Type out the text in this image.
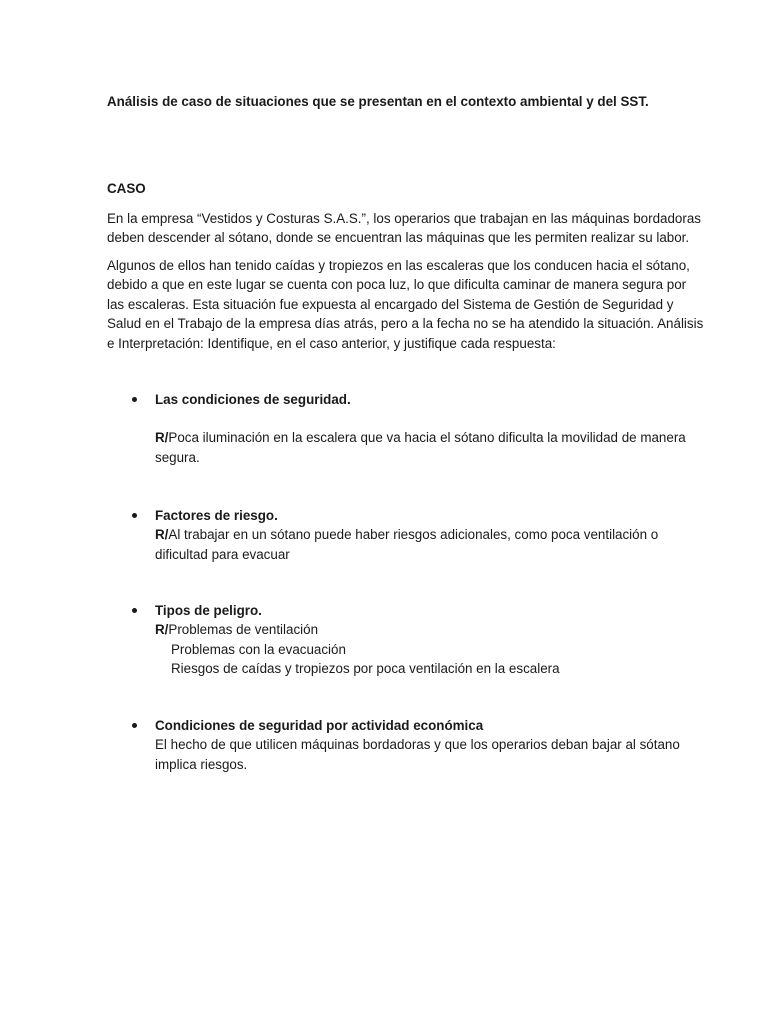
Análisis de caso de situaciones que se presentan en el contexto ambiental y del SST.

CASO

En la empresa “Vestidos y Costuras S.A.S.”, los operarios que trabajan en las máquinas bordadoras
deben descender al sótano, donde se encuentran las máquinas que les permiten realizar su labor.

Algunos de ellos han tenido caídas y tropiezos en las escaleras que los conducen hacia el sótano,
debido a que en este lugar se cuenta con poca luz, lo que dificulta caminar de manera segura por
las escaleras. Esta situación fue expuesta al encargado del Sistema de Gestión de Seguridad y
Salud en el Trabajo de la empresa días atrás, pero a la fecha no se ha atendido la situación. Análisis
e Interpretación: Identifique, en el caso anterior, y justifique cada respuesta:

Las condiciones de seguridad.
R/Poca iluminación en la escalera que va hacia el sótano dificulta la movilidad de manera
segura.
Factores de riesgo.
R/Al trabajar en un sótano puede haber riesgos adicionales, como poca ventilación o
dificultad para evacuar
Tipos de peligro.
R/Problemas de ventilación
Problemas con la evacuación
Riesgos de caídas y tropiezos por poca ventilación en la escalera
Condiciones de seguridad por actividad económica
El hecho de que utilicen máquinas bordadoras y que los operarios deban bajar al sótano
implica riesgos.
